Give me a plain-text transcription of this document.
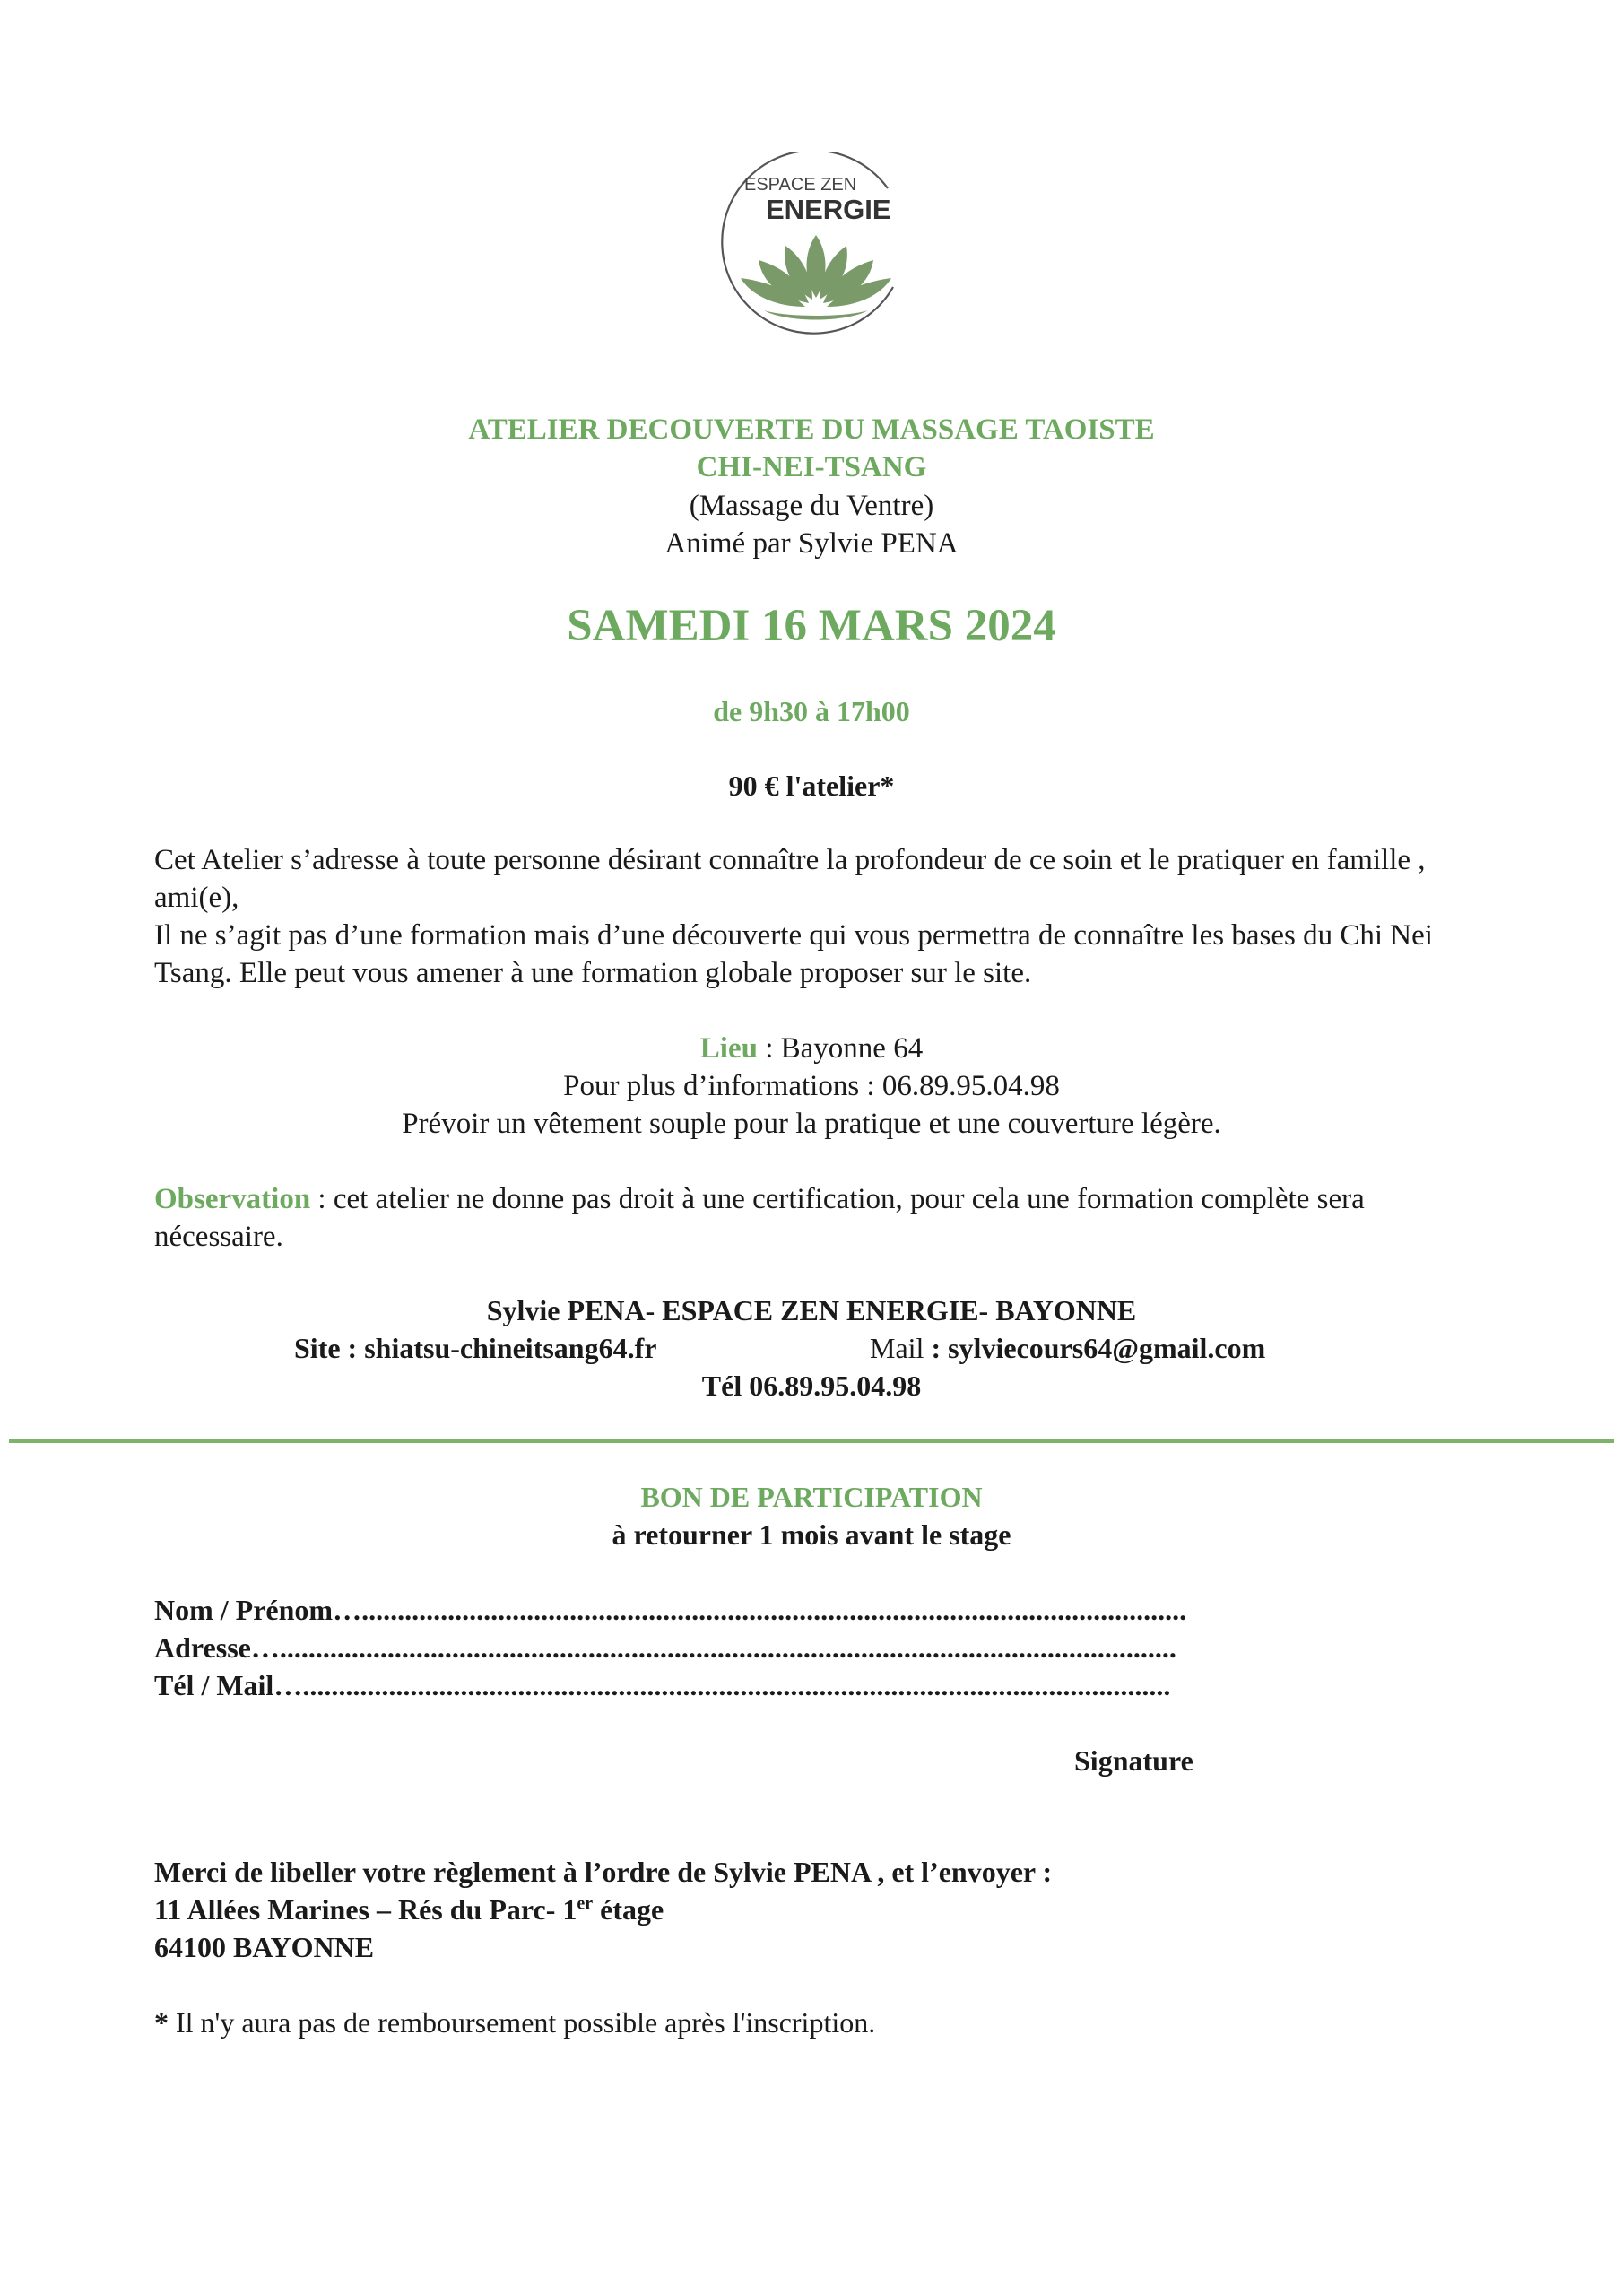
ESPACE ZEN
ENERGIE
ATELIER DECOUVERTE DU MASSAGE TAOISTE
CHI-NEI-TSANG
(Massage du Ventre)
Animé par Sylvie PENA
SAMEDI 16 MARS 2024
de 9h30 à 17h00
90 € l'atelier*
Cet Atelier s’adresse à toute personne désirant connaître la profondeur de ce soin et le pratiquer en famille , ami(e),
Il ne s’agit pas d’une formation mais d’une découverte qui vous permettra de connaître les bases du Chi Nei Tsang. Elle peut vous amener à une formation globale proposer sur le site.
Lieu : Bayonne 64
Pour plus d’informations : 06.89.95.04.98
Prévoir un vêtement souple pour la pratique et une couverture légère.
Observation : cet atelier ne donne pas droit à une certification, pour cela une formation complète sera nécessaire.
Sylvie PENA- ESPACE ZEN ENERGIE- BAYONNE
Site : shiatsu-chineitsang64.fr	Mail : sylviecours64@gmail.com
Tél 06.89.95.04.98
BON DE PARTICIPATION
à retourner 1 mois avant le stage
Nom / Prénom…...................................................................................................................
Adresse….............................................................................................................................
Tél / Mail….........................................................................................................................
Signature
Merci de libeller votre règlement à l’ordre de Sylvie PENA , et l’envoyer :
11 Allées Marines – Rés du Parc- 1er étage
64100 BAYONNE
* Il n'y aura pas de remboursement possible après l'inscription.
